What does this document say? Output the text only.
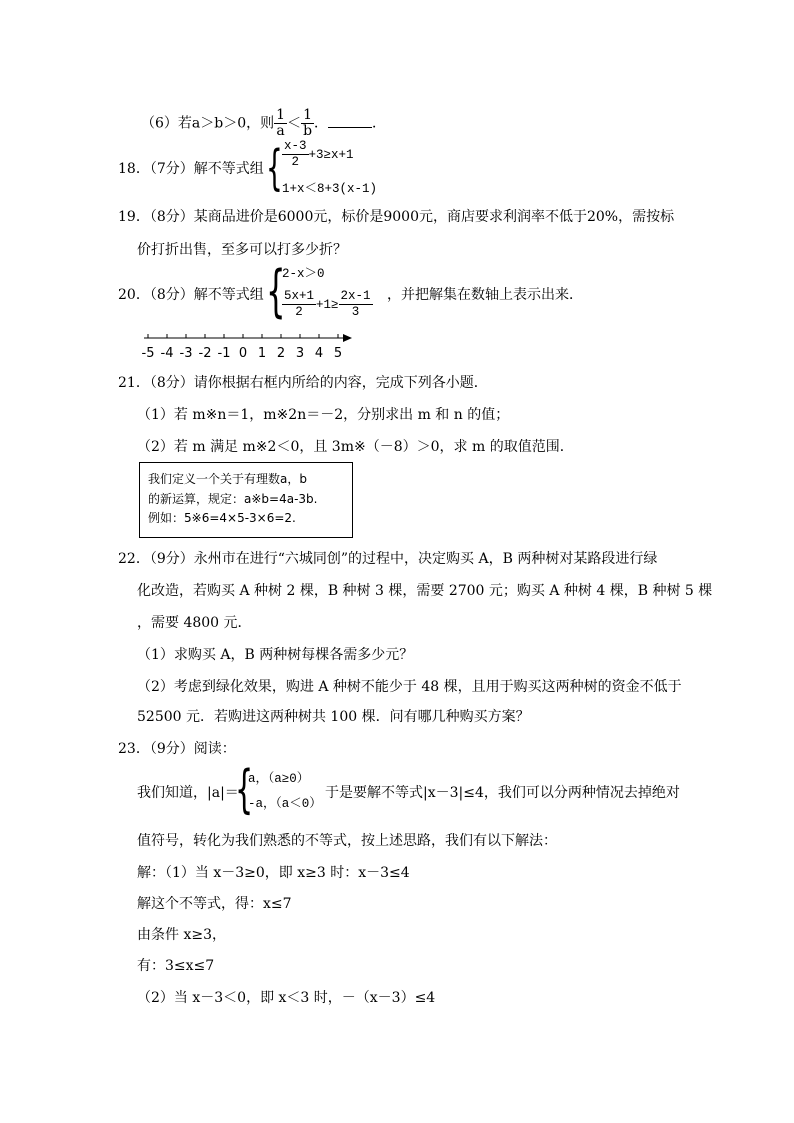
（6）若a＞b＞0，则 $\frac{1}{a} < \frac{1}{b}$ ．	．
18．（7分）解不等式组 { $\frac{x-3}{2} +3\ge x+1$
1+x＜8+3(x-1)
19．（8分）某商品进价是6000元，标价是9000元，商店要求利润率不低于20%，需按标
价打折出售，至多可以打多少折？
20．（8分）解不等式组 {
2-x＞0
$\frac{5x+1}{2} +1\ge \frac{2x-1}{3}$ ，并把解集在数轴上表示出来．
-5 -4 -3 -2 -1 0 1 2 3 4 5
21．（8分）请你根据右框内所给的内容，完成下列各小题．
（1）若 m※n＝1，m※2n＝－2，分别求出 m 和 n 的值；
（2）若 m 满足 m※2＜0，且 3m※（－8）＞0，求 m 的取值范围．
我们定义一个关于有理数a，b
的新运算，规定：a※b=4a-3b.
例如：5※6=4×5-3×6=2.
22．（9分）永州市在进行“六城同创”的过程中，决定购买 A，B 两种树对某路段进行绿
化改造，若购买 A 种树 2 棵，B 种树 3 棵，需要 2700 元；购买 A 种树 4 棵，B 种树 5 棵
，需要 4800 元．
（1）求购买 A，B 两种树每棵各需多少元？
（2）考虑到绿化效果，购进 A 种树不能少于 48 棵，且用于购买这两种树的资金不低于
52500 元．若购进这两种树共 100 棵．问有哪几种购买方案？
23．（9分）阅读：
我们知道，|a|＝
{
a，（a≥0）
-a，（a＜0）
于是要解不等式|x－3|≤4，我们可以分两种情况去掉绝对
值符号，转化为我们熟悉的不等式，按上述思路，我们有以下解法：
解：（1）当 x－3≥0，即 x≥3 时：x－3≤4
解这个不等式，得：x≤7
由条件 x≥3，
有：3≤x≤7
（2）当 x－3＜0，即 x＜3 时，－（x－3）≤4
